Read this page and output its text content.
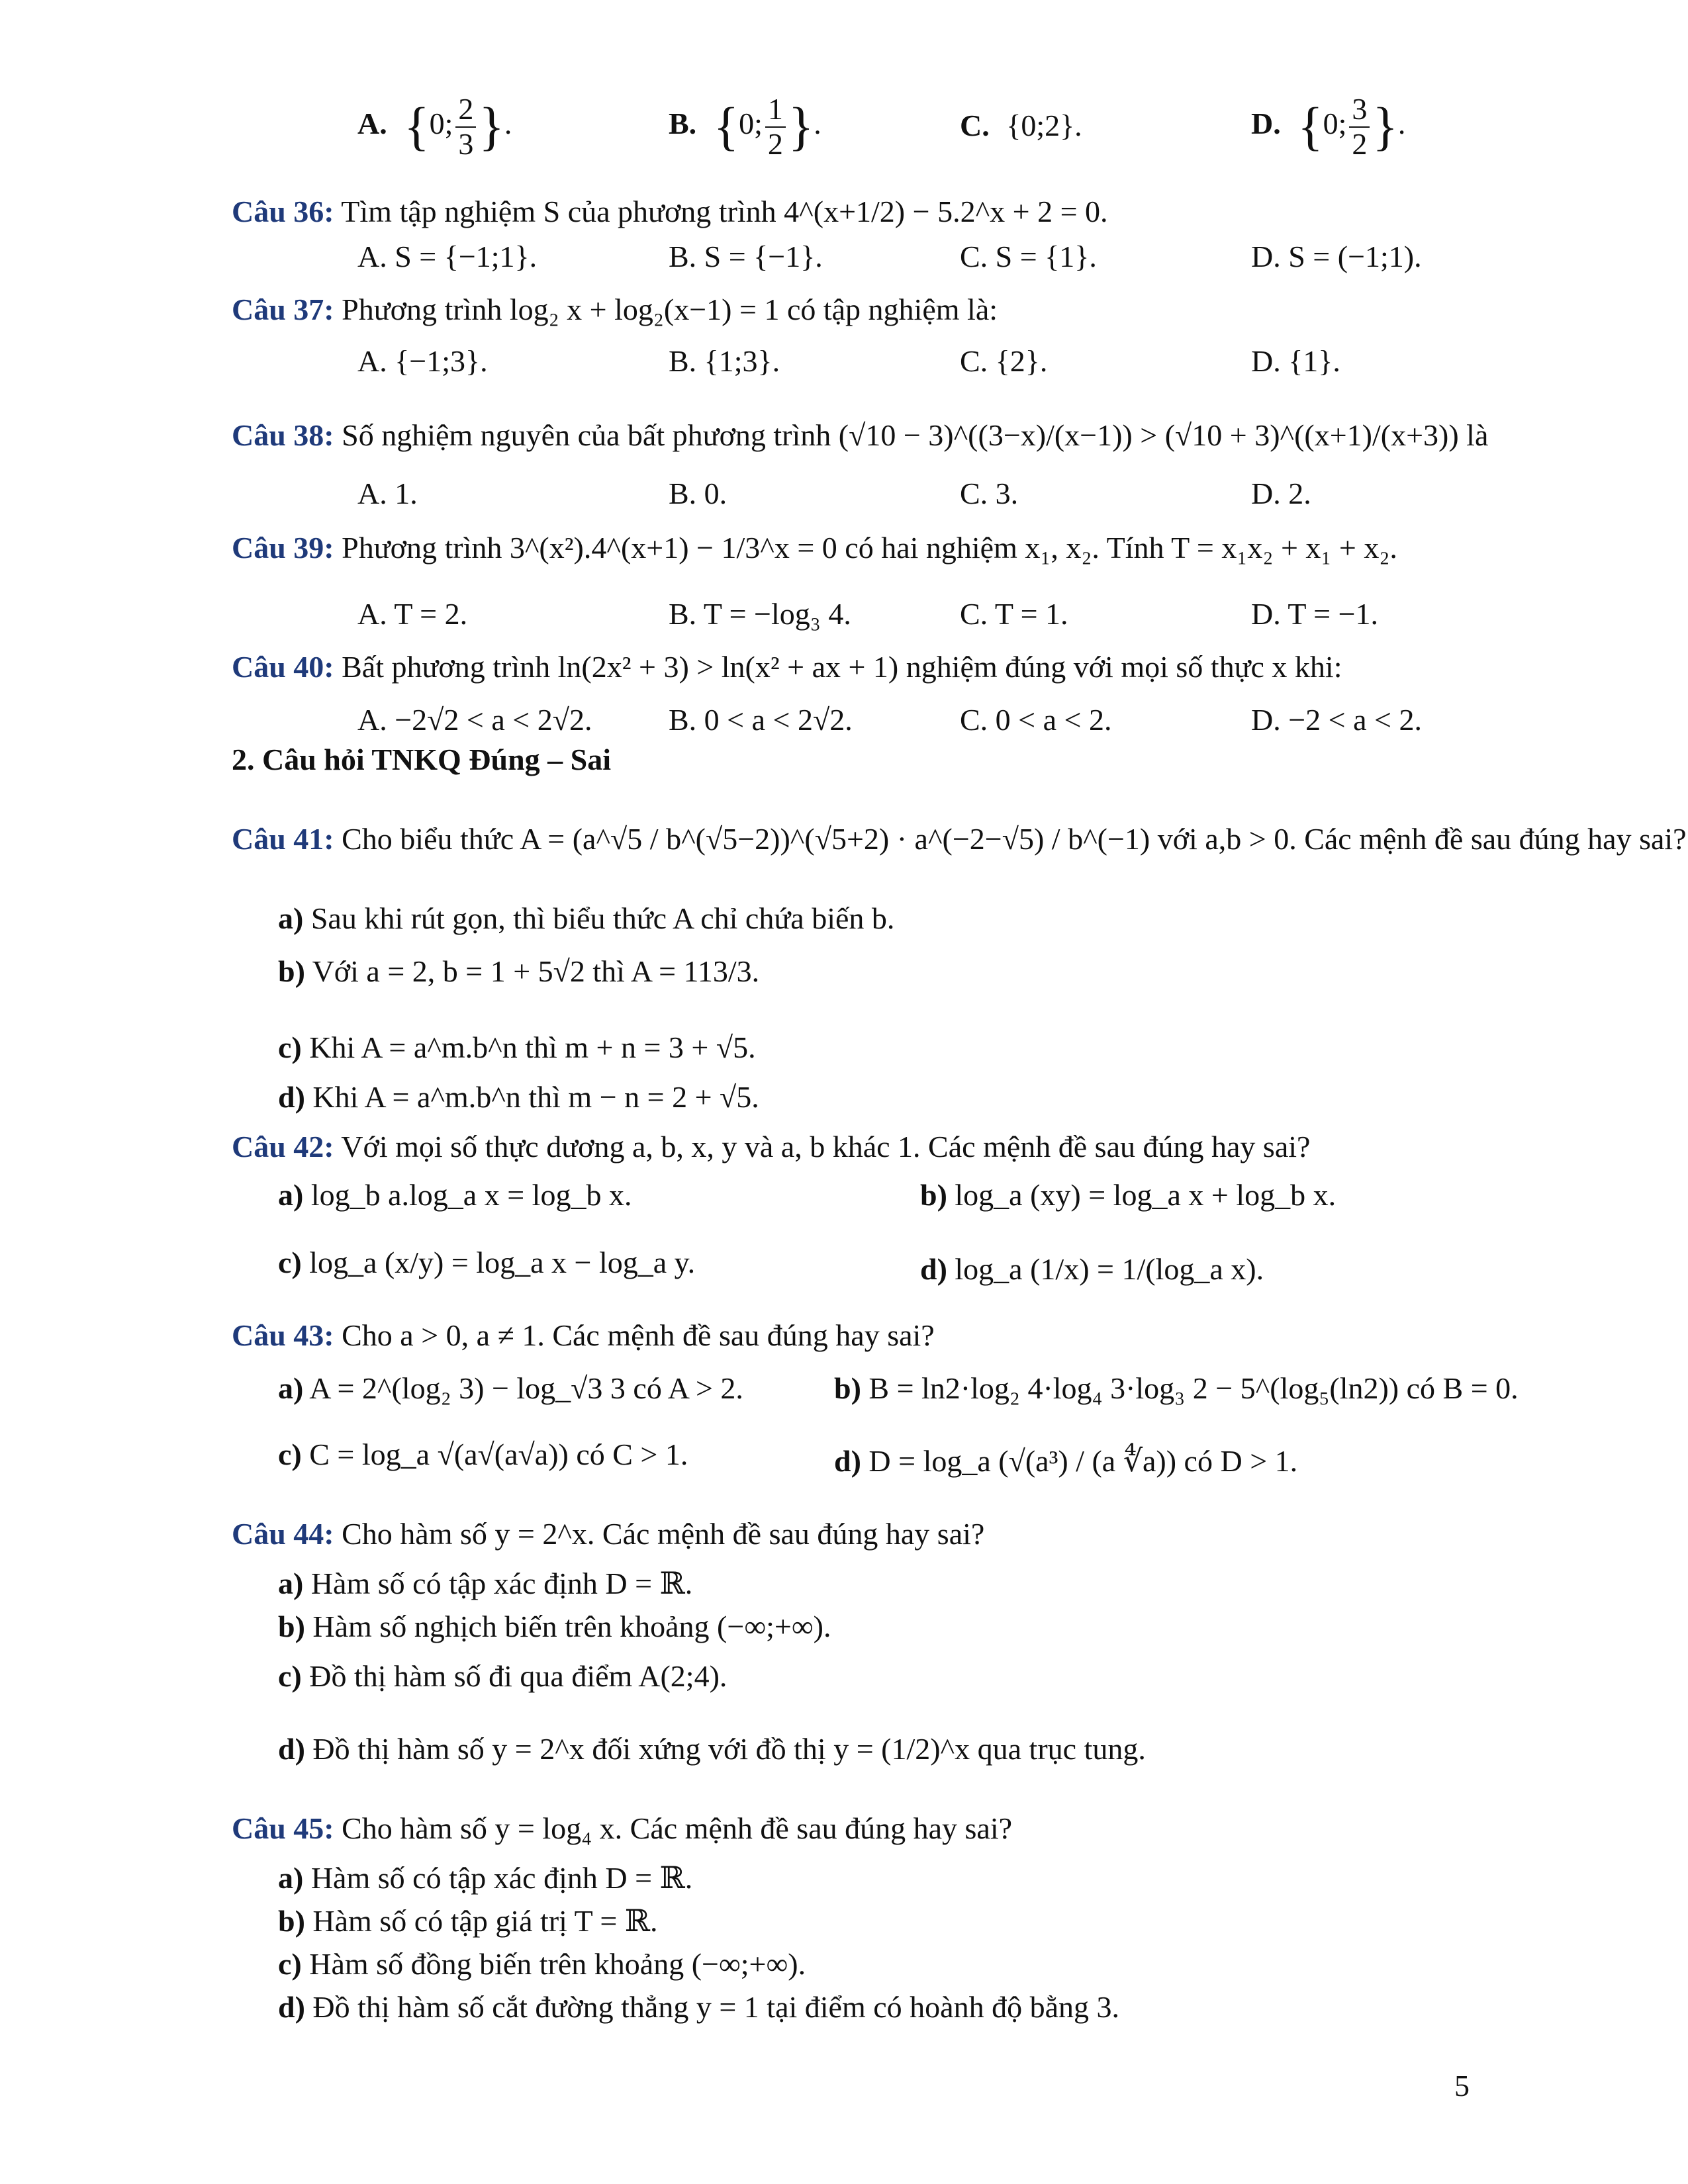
A. {0; $\frac{2}{3}$ }.	B. {0; $\frac{1}{2}$ }.	C. {0;2}.	D. {0; $\frac{3}{2}$ }.
Câu 36: Tìm tập nghiệm S của phương trình 4^(x+1/2) − 5.2^x + 2 = 0.
A. S = {−1;1}.	B. S = {−1}.	C. S = {1}.	D. S = (−1;1).
Câu 37: Phương trình log₂ x + log₂(x−1) = 1 có tập nghiệm là:
A. {−1;3}.	B. {1;3}.	C. {2}.	D. {1}.
Câu 38: Số nghiệm nguyên của bất phương trình (√10 − 3)^((3−x)/(x−1)) > (√10 + 3)^((x+1)/(x+3)) là
A. 1.	B. 0.	C. 3.	D. 2.
Câu 39: Phương trình 3^(x²).4^(x+1) − 1/3^x = 0 có hai nghiệm x₁, x₂. Tính T = x₁x₂ + x₁ + x₂.
A. T = 2.	B. T = −log₃ 4.	C. T = 1.	D. T = −1.
Câu 40: Bất phương trình ln(2x² + 3) > ln(x² + ax + 1) nghiệm đúng với mọi số thực x khi:
A. −2√2 < a < 2√2.	B. 0 < a < 2√2.	C. 0 < a < 2.	D. −2 < a < 2.
2. Câu hỏi TNKQ Đúng – Sai
Câu 41: Cho biểu thức A = (a^√5 / b^(√5−2))^(√5+2) · a^(−2−√5) / b^(−1) với a,b > 0. Các mệnh đề sau đúng hay sai?
a) Sau khi rút gọn, thì biểu thức A chỉ chứa biến b.
b) Với a = 2, b = 1 + 5√2 thì A = 113/3.
c) Khi A = a^m.b^n thì m + n = 3 + √5.
d) Khi A = a^m.b^n thì m − n = 2 + √5.
Câu 42: Với mọi số thực dương a, b, x, y và a, b khác 1. Các mệnh đề sau đúng hay sai?
a) log_b a.log_a x = log_b x.	b) log_a (xy) = log_a x + log_b x.
c) log_a (x/y) = log_a x − log_a y.	d) log_a (1/x) = 1/(log_a x).
Câu 43: Cho a > 0, a ≠ 1. Các mệnh đề sau đúng hay sai?
a) A = 2^(log₂ 3) − log_√3 3 có A > 2.	b) B = ln2·log₂ 4·log₄ 3·log₃ 2 − 5^(log₅(ln2)) có B = 0.
c) C = log_a √(a√(a√a)) có C > 1.	d) D = log_a (√(a³) / (a ∜a)) có D > 1.
Câu 44: Cho hàm số y = 2^x. Các mệnh đề sau đúng hay sai?
a) Hàm số có tập xác định D = ℝ.
b) Hàm số nghịch biến trên khoảng (−∞;+∞).
c) Đồ thị hàm số đi qua điểm A(2;4).
d) Đồ thị hàm số y = 2^x đối xứng với đồ thị y = (1/2)^x qua trục tung.
Câu 45: Cho hàm số y = log₄ x. Các mệnh đề sau đúng hay sai?
a) Hàm số có tập xác định D = ℝ.
b) Hàm số có tập giá trị T = ℝ.
c) Hàm số đồng biến trên khoảng (−∞;+∞).
d) Đồ thị hàm số cắt đường thẳng y = 1 tại điểm có hoành độ bằng 3.
5
